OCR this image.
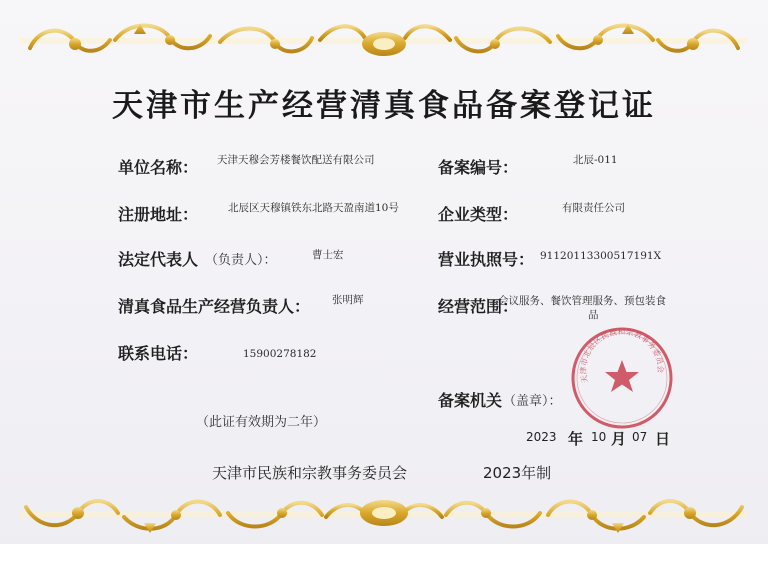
天津市生产经营清真食品备案登记证
单位名称： 天津天穆会芳楼餐饮配送有限公司	备案编号：	北辰-011
注册地址：	北辰区天穆镇铁东北路天盈南道10号 企业类型：	有限责任公司
法定代表人 （负责人）：	曹士宏	营业执照号： 91120113300517191X
清真食品生产经营负责人： 张明辉	经营范围：
会议服务、餐饮管理服务、预包装食
品
联系电话：	15900278182
备案机关 （盖章）：
（此证有效期为二年）
2023 年 10 月 07 日
天津市北辰区民族和宗教事务委员会
天津市民族和宗教事务委员会	2023年制
